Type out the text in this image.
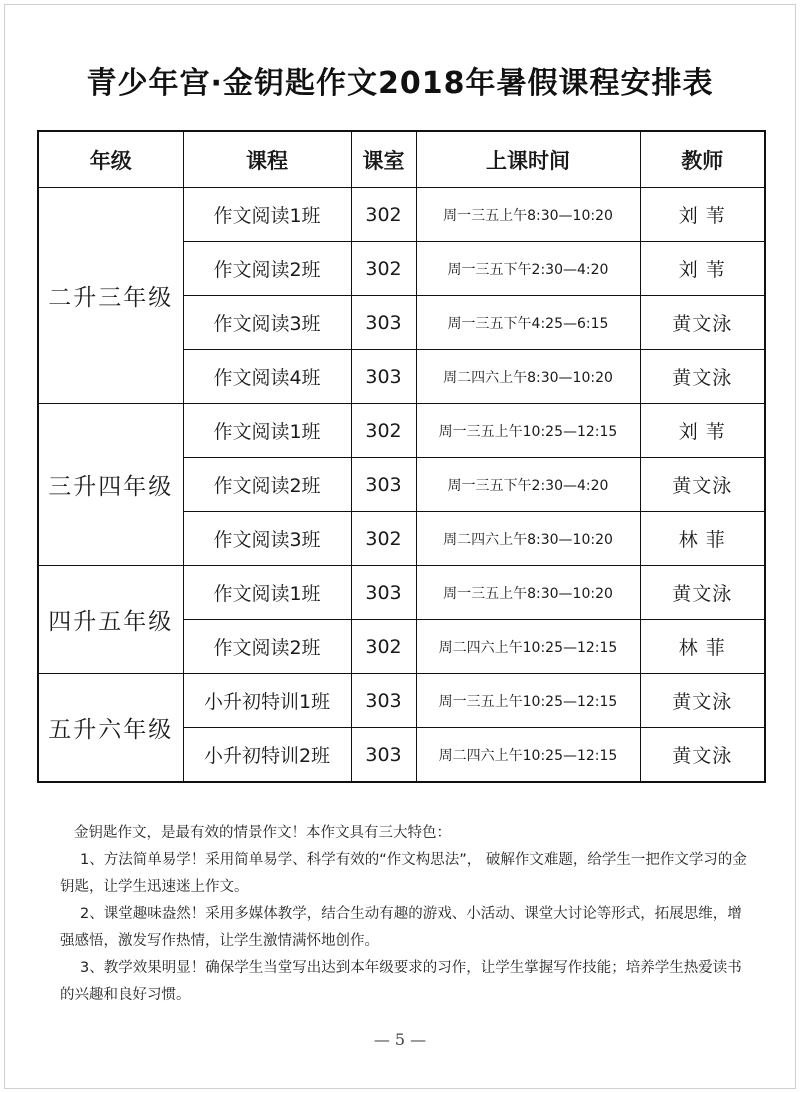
青少年宫·金钥匙作文2018年暑假课程安排表
年级	课程	课室	上课时间	教师
二升三年级	作文阅读1班	302	周一三五上午8:30—10:20	刘 苇
	作文阅读2班	302	周一三五下午2:30—4:20	刘 苇
	作文阅读3班	303	周一三五下午4:25—6:15	黄文泳
	作文阅读4班	303	周二四六上午8:30—10:20	黄文泳
三升四年级	作文阅读1班	302	周一三五上午10:25—12:15	刘 苇
	作文阅读2班	303	周一三五下午2:30—4:20	黄文泳
	作文阅读3班	302	周二四六上午8:30—10:20	林 菲
四升五年级	作文阅读1班	303	周一三五上午8:30—10:20	黄文泳
	作文阅读2班	302	周二四六上午10:25—12:15	林 菲
五升六年级	小升初特训1班	303	周一三五上午10:25—12:15	黄文泳
	小升初特训2班	303	周二四六上午10:25—12:15	黄文泳

金钥匙作文，是最有效的情景作文！本作文具有三大特色：

1、方法简单易学！采用简单易学、科学有效的“作文构思法”， 破解作文难题，给学生一把作文学习的金钥匙，让学生迅速迷上作文。

2、课堂趣味盎然！采用多媒体教学，结合生动有趣的游戏、小活动、课堂大讨论等形式，拓展思维，增强感悟，激发写作热情，让学生激情满怀地创作。

3、教学效果明显！确保学生当堂写出达到本年级要求的习作，让学生掌握写作技能；培养学生热爱读书的兴趣和良好习惯。

— 5 —
